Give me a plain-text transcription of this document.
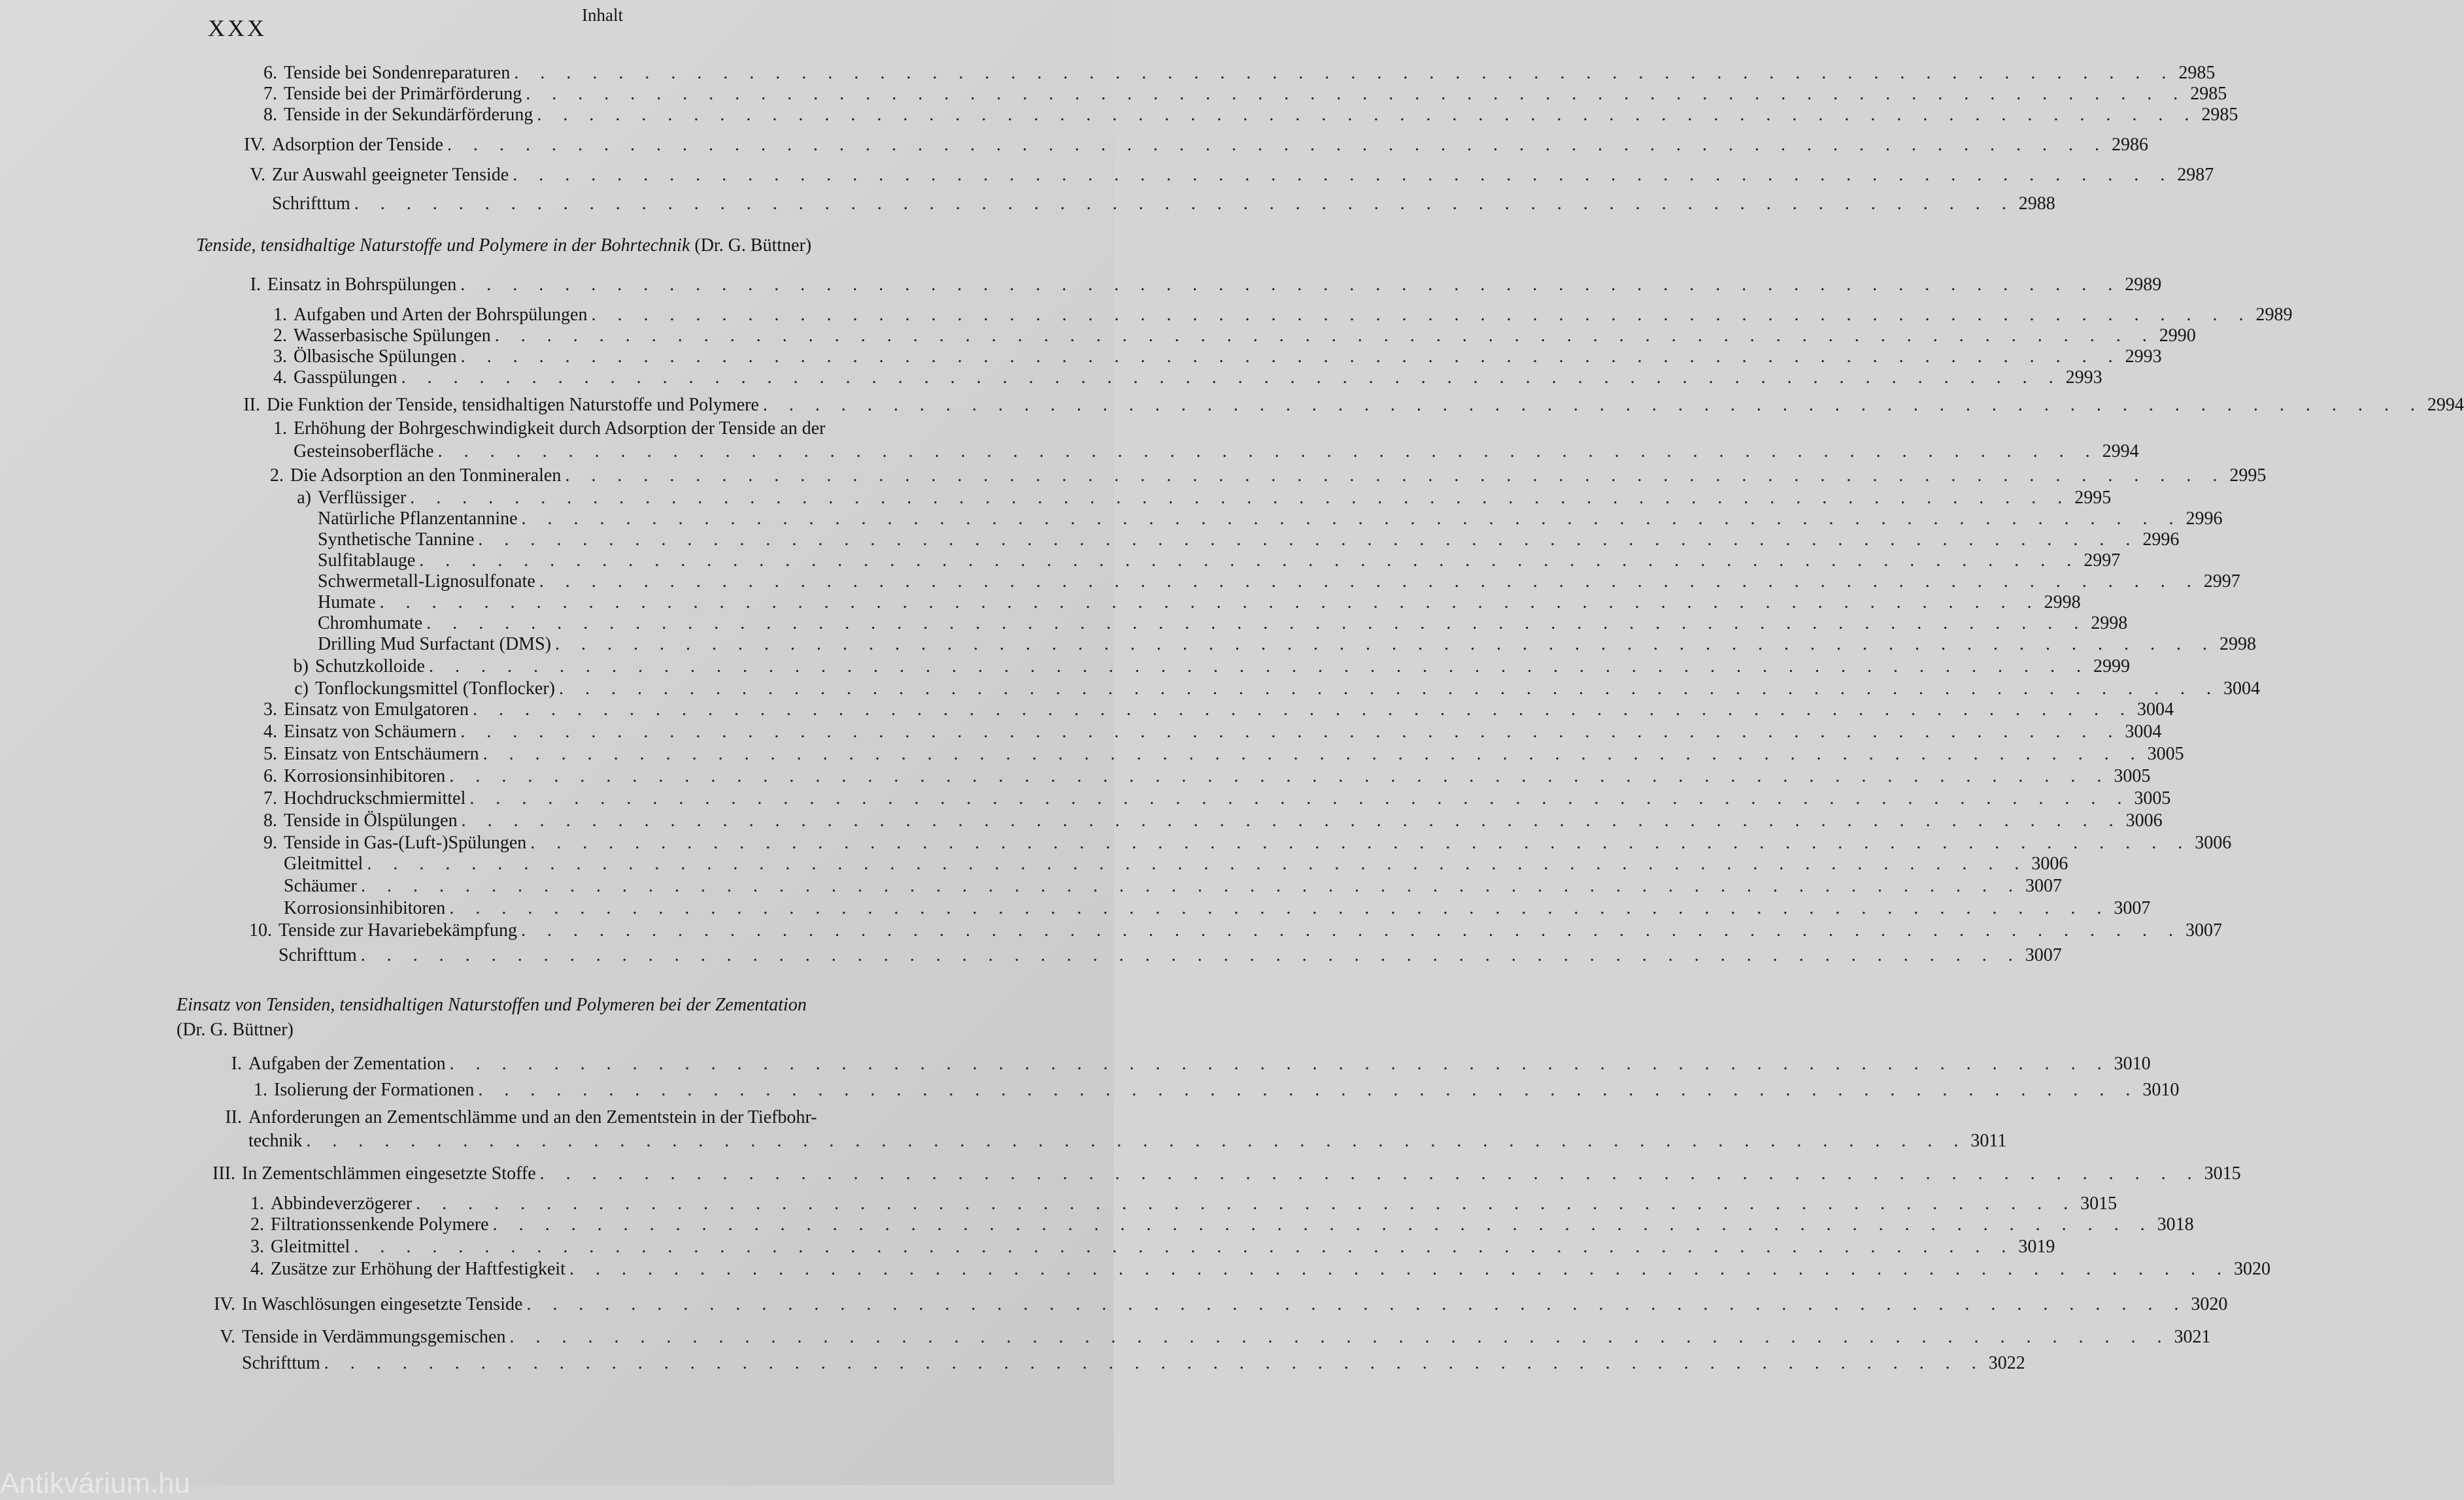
XXX	Inhalt
6. Tenside bei Sondenreparaturen . . . . . . . . . . . . . . . . . . . . . . . . . . . . . . . . . . . . . . . . . . . . . . . . . . . . . . . . . . . . . . . . 2985
7. Tenside bei der Primärförderung . . . . . . . . . . . . . . . . . . . . . . . . . . . . . . . . . . . . . . . . . . . . . . . . . . . . . . . . . . . . . . . . 2985
8. Tenside in der Sekundärförderung . . . . . . . . . . . . . . . . . . . . . . . . . . . . . . . . . . . . . . . . . . . . . . . . . . . . . . . . . . . . . . . . 2985
IV. Adsorption der Tenside . . . . . . . . . . . . . . . . . . . . . . . . . . . . . . . . . . . . . . . . . . . . . . . . . . . . . . . . . . . . . . . . 2986
V. Zur Auswahl geeigneter Tenside . . . . . . . . . . . . . . . . . . . . . . . . . . . . . . . . . . . . . . . . . . . . . . . . . . . . . . . . . . . . . . . . 2987
Schrifttum . . . . . . . . . . . . . . . . . . . . . . . . . . . . . . . . . . . . . . . . . . . . . . . . . . . . . . . . . . . . . . . . 2988
Tenside, tensidhaltige Naturstoffe und Polymere in der Bohrtechnik (Dr. G. Büttner)
I. Einsatz in Bohrspülungen . . . . . . . . . . . . . . . . . . . . . . . . . . . . . . . . . . . . . . . . . . . . . . . . . . . . . . . . . . . . . . . . 2989
1. Aufgaben und Arten der Bohrspülungen . . . . . . . . . . . . . . . . . . . . . . . . . . . . . . . . . . . . . . . . . . . . . . . . . . . . . . . . . . . . . . . . 2989
2. Wasserbasische Spülungen . . . . . . . . . . . . . . . . . . . . . . . . . . . . . . . . . . . . . . . . . . . . . . . . . . . . . . . . . . . . . . . . 2990
3. Ölbasische Spülungen . . . . . . . . . . . . . . . . . . . . . . . . . . . . . . . . . . . . . . . . . . . . . . . . . . . . . . . . . . . . . . . . 2993
4. Gasspülungen . . . . . . . . . . . . . . . . . . . . . . . . . . . . . . . . . . . . . . . . . . . . . . . . . . . . . . . . . . . . . . . . 2993
II. Die Funktion der Tenside, tensidhaltigen Naturstoffe und Polymere . . . . . . . . . . . . . . . . . . . . . . . . . . . . . . . . . . . . . . . . . . . . . . . . . . . . . . . . . . . . . . . . 2994
1. Erhöhung der Bohrgeschwindigkeit durch Adsorption der Tenside an der
Gesteinsoberfläche . . . . . . . . . . . . . . . . . . . . . . . . . . . . . . . . . . . . . . . . . . . . . . . . . . . . . . . . . . . . . . . . 2994
2. Die Adsorption an den Tonmineralen . . . . . . . . . . . . . . . . . . . . . . . . . . . . . . . . . . . . . . . . . . . . . . . . . . . . . . . . . . . . . . . . 2995
a) Verflüssiger . . . . . . . . . . . . . . . . . . . . . . . . . . . . . . . . . . . . . . . . . . . . . . . . . . . . . . . . . . . . . . . . 2995
Natürliche Pflanzentannine . . . . . . . . . . . . . . . . . . . . . . . . . . . . . . . . . . . . . . . . . . . . . . . . . . . . . . . . . . . . . . . . 2996
Synthetische Tannine . . . . . . . . . . . . . . . . . . . . . . . . . . . . . . . . . . . . . . . . . . . . . . . . . . . . . . . . . . . . . . . . 2996
Sulfitablauge . . . . . . . . . . . . . . . . . . . . . . . . . . . . . . . . . . . . . . . . . . . . . . . . . . . . . . . . . . . . . . . . 2997
Schwermetall-Lignosulfonate . . . . . . . . . . . . . . . . . . . . . . . . . . . . . . . . . . . . . . . . . . . . . . . . . . . . . . . . . . . . . . . . 2997
Humate . . . . . . . . . . . . . . . . . . . . . . . . . . . . . . . . . . . . . . . . . . . . . . . . . . . . . . . . . . . . . . . . 2998
Chromhumate . . . . . . . . . . . . . . . . . . . . . . . . . . . . . . . . . . . . . . . . . . . . . . . . . . . . . . . . . . . . . . . . 2998
Drilling Mud Surfactant (DMS) . . . . . . . . . . . . . . . . . . . . . . . . . . . . . . . . . . . . . . . . . . . . . . . . . . . . . . . . . . . . . . . . 2998
b) Schutzkolloide . . . . . . . . . . . . . . . . . . . . . . . . . . . . . . . . . . . . . . . . . . . . . . . . . . . . . . . . . . . . . . . . 2999
c) Tonflockungsmittel (Tonflocker) . . . . . . . . . . . . . . . . . . . . . . . . . . . . . . . . . . . . . . . . . . . . . . . . . . . . . . . . . . . . . . . . 3004
3. Einsatz von Emulgatoren . . . . . . . . . . . . . . . . . . . . . . . . . . . . . . . . . . . . . . . . . . . . . . . . . . . . . . . . . . . . . . . . 3004
4. Einsatz von Schäumern . . . . . . . . . . . . . . . . . . . . . . . . . . . . . . . . . . . . . . . . . . . . . . . . . . . . . . . . . . . . . . . . 3004
5. Einsatz von Entschäumern . . . . . . . . . . . . . . . . . . . . . . . . . . . . . . . . . . . . . . . . . . . . . . . . . . . . . . . . . . . . . . . . 3005
6. Korrosionsinhibitoren . . . . . . . . . . . . . . . . . . . . . . . . . . . . . . . . . . . . . . . . . . . . . . . . . . . . . . . . . . . . . . . . 3005
7. Hochdruckschmiermittel . . . . . . . . . . . . . . . . . . . . . . . . . . . . . . . . . . . . . . . . . . . . . . . . . . . . . . . . . . . . . . . . 3005
8. Tenside in Ölspülungen . . . . . . . . . . . . . . . . . . . . . . . . . . . . . . . . . . . . . . . . . . . . . . . . . . . . . . . . . . . . . . . . 3006
9. Tenside in Gas-(Luft-)Spülungen . . . . . . . . . . . . . . . . . . . . . . . . . . . . . . . . . . . . . . . . . . . . . . . . . . . . . . . . . . . . . . . . 3006
Gleitmittel . . . . . . . . . . . . . . . . . . . . . . . . . . . . . . . . . . . . . . . . . . . . . . . . . . . . . . . . . . . . . . . . 3006
Schäumer . . . . . . . . . . . . . . . . . . . . . . . . . . . . . . . . . . . . . . . . . . . . . . . . . . . . . . . . . . . . . . . . 3007
Korrosionsinhibitoren . . . . . . . . . . . . . . . . . . . . . . . . . . . . . . . . . . . . . . . . . . . . . . . . . . . . . . . . . . . . . . . . 3007
10. Tenside zur Havariebekämpfung . . . . . . . . . . . . . . . . . . . . . . . . . . . . . . . . . . . . . . . . . . . . . . . . . . . . . . . . . . . . . . . . 3007
Schrifttum . . . . . . . . . . . . . . . . . . . . . . . . . . . . . . . . . . . . . . . . . . . . . . . . . . . . . . . . . . . . . . . . 3007
Einsatz von Tensiden, tensidhaltigen Naturstoffen und Polymeren bei der Zementation
(Dr. G. Büttner)
I. Aufgaben der Zementation . . . . . . . . . . . . . . . . . . . . . . . . . . . . . . . . . . . . . . . . . . . . . . . . . . . . . . . . . . . . . . . . 3010
1. Isolierung der Formationen . . . . . . . . . . . . . . . . . . . . . . . . . . . . . . . . . . . . . . . . . . . . . . . . . . . . . . . . . . . . . . . . 3010
II. Anforderungen an Zementschlämme und an den Zementstein in der Tiefbohr-
technik . . . . . . . . . . . . . . . . . . . . . . . . . . . . . . . . . . . . . . . . . . . . . . . . . . . . . . . . . . . . . . . . 3011
III. In Zementschlämmen eingesetzte Stoffe . . . . . . . . . . . . . . . . . . . . . . . . . . . . . . . . . . . . . . . . . . . . . . . . . . . . . . . . . . . . . . . . 3015
1. Abbindeverzögerer . . . . . . . . . . . . . . . . . . . . . . . . . . . . . . . . . . . . . . . . . . . . . . . . . . . . . . . . . . . . . . . . 3015
2. Filtrationssenkende Polymere . . . . . . . . . . . . . . . . . . . . . . . . . . . . . . . . . . . . . . . . . . . . . . . . . . . . . . . . . . . . . . . . 3018
3. Gleitmittel . . . . . . . . . . . . . . . . . . . . . . . . . . . . . . . . . . . . . . . . . . . . . . . . . . . . . . . . . . . . . . . . 3019
4. Zusätze zur Erhöhung der Haftfestigkeit . . . . . . . . . . . . . . . . . . . . . . . . . . . . . . . . . . . . . . . . . . . . . . . . . . . . . . . . . . . . . . . . 3020
IV. In Waschlösungen eingesetzte Tenside . . . . . . . . . . . . . . . . . . . . . . . . . . . . . . . . . . . . . . . . . . . . . . . . . . . . . . . . . . . . . . . . 3020
V. Tenside in Verdämmungsgemischen . . . . . . . . . . . . . . . . . . . . . . . . . . . . . . . . . . . . . . . . . . . . . . . . . . . . . . . . . . . . . . . . 3021
Schrifttum . . . . . . . . . . . . . . . . . . . . . . . . . . . . . . . . . . . . . . . . . . . . . . . . . . . . . . . . . . . . . . . . 3022
Antikvárium.hu
